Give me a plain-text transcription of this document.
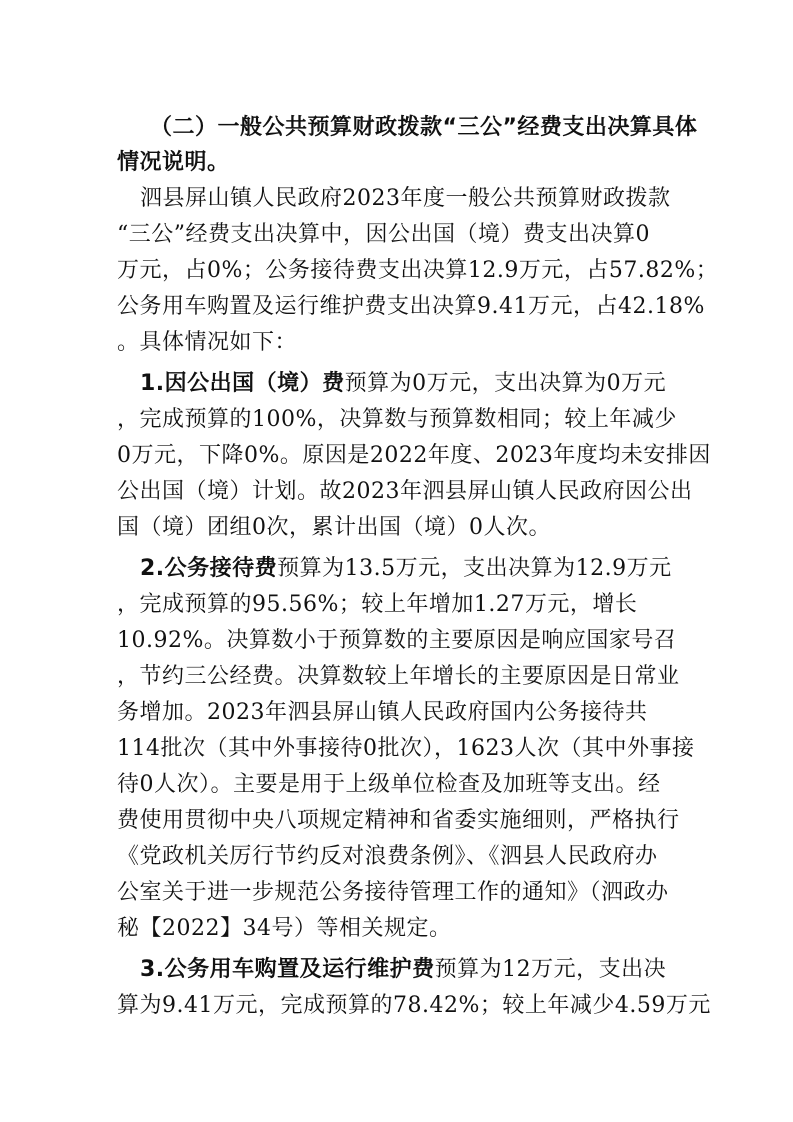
（二）一般公共预算财政拨款“三公”经费支出决算具体
情况说明。
泗县屏山镇人民政府2023年度一般公共预算财政拨款
“三公”经费支出决算中，因公出国（境）费支出决算0
万元，占0%；公务接待费支出决算12.9万元，占57.82%；
公务用车购置及运行维护费支出决算9.41万元，占42.18%
。具体情况如下：
1.因公出国（境）费预算为0万元，支出决算为0万元
，完成预算的100%，决算数与预算数相同；较上年减少
0万元，下降0%。原因是2022年度、2023年度均未安排因
公出国（境）计划。故2023年泗县屏山镇人民政府因公出
国（境）团组0次，累计出国（境）0人次。
2.公务接待费预算为13.5万元，支出决算为12.9万元
，完成预算的95.56%；较上年增加1.27万元，增长
10.92%。决算数小于预算数的主要原因是响应国家号召
，节约三公经费。决算数较上年增长的主要原因是日常业
务增加。2023年泗县屏山镇人民政府国内公务接待共
114批次（其中外事接待0批次），1623人次（其中外事接
待0人次）。主要是用于上级单位检查及加班等支出。经
费使用贯彻中央八项规定精神和省委实施细则，严格执行
《党政机关厉行节约反对浪费条例》、《泗县人民政府办
公室关于进一步规范公务接待管理工作的通知》（泗政办
秘【2022】34号）等相关规定。
3.公务用车购置及运行维护费预算为12万元，支出决
算为9.41万元，完成预算的78.42%；较上年减少4.59万元
